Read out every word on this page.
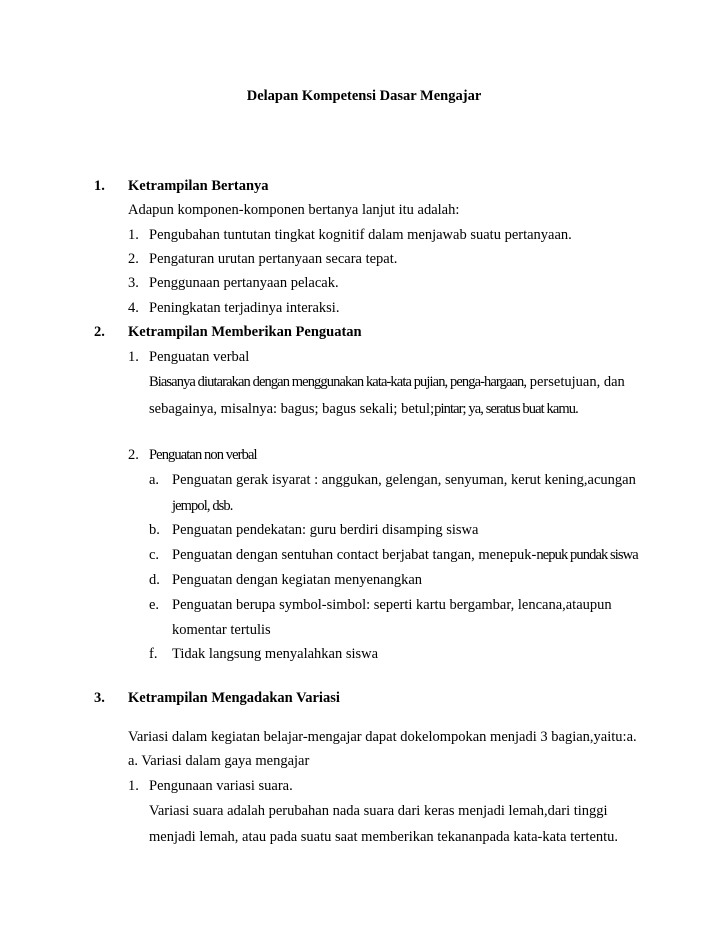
Delapan Kompetensi Dasar Mengajar
1. Ketrampilan Bertanya
Adapun komponen-komponen bertanya lanjut itu adalah:
1. Pengubahan tuntutan tingkat kognitif dalam menjawab suatu pertanyaan.
2. Pengaturan urutan pertanyaan secara tepat.
3. Penggunaan pertanyaan pelacak.
4. Peningkatan terjadinya interaksi.
2. Ketrampilan Memberikan Penguatan
1. Penguatan verbal
Biasanya diutarakan dengan menggunakan kata-kata pujian, penga-hargaan, persetujuan, dan
sebagainya, misalnya: bagus; bagus sekali; betul;pintar; ya, seratus buat kamu.
2. Penguatan non verbal
a. Penguatan gerak isyarat : anggukan, gelengan, senyuman, kerut kening,acungan
jempol, dsb.
b. Penguatan pendekatan: guru berdiri disamping siswa
c. Penguatan dengan sentuhan contact berjabat tangan, menepuk-nepuk pundak siswa
d. Penguatan dengan kegiatan menyenangkan
e. Penguatan berupa symbol-simbol: seperti kartu bergambar, lencana,ataupun
komentar tertulis
f. Tidak langsung menyalahkan siswa
3. Ketrampilan Mengadakan Variasi
Variasi dalam kegiatan belajar-mengajar dapat dokelompokan menjadi 3 bagian,yaitu:a.
a. Variasi dalam gaya mengajar
1. Pengunaan variasi suara.
Variasi suara adalah perubahan nada suara dari keras menjadi lemah,dari tinggi
menjadi lemah, atau pada suatu saat memberikan tekananpada kata-kata tertentu.
